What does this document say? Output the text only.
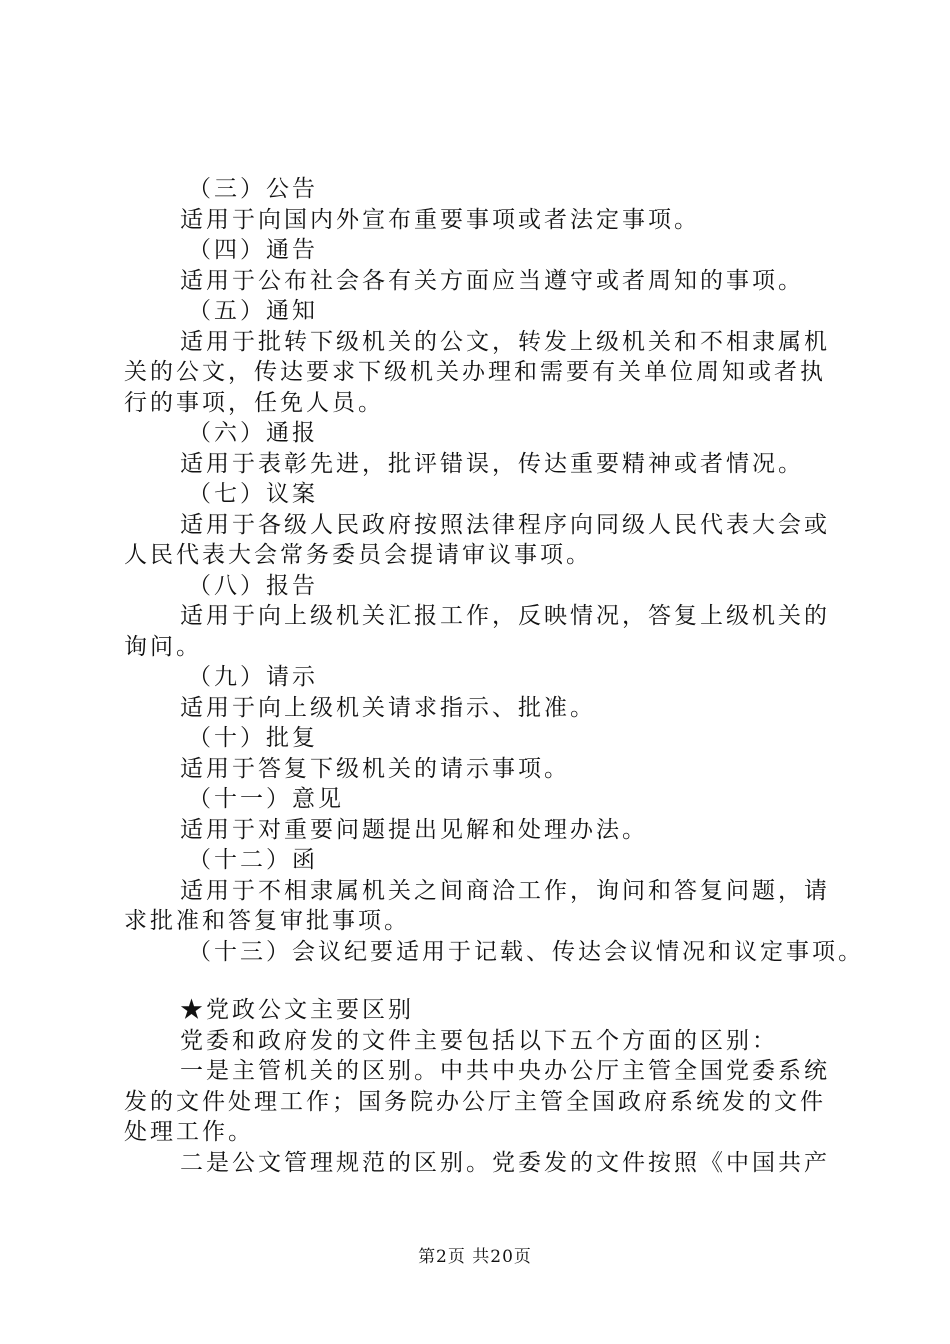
（三）公告
适用于向国内外宣布重要事项或者法定事项。
（四）通告
适用于公布社会各有关方面应当遵守或者周知的事项。
（五）通知
适用于批转下级机关的公文，转发上级机关和不相隶属机
关的公文，传达要求下级机关办理和需要有关单位周知或者执
行的事项，任免人员。
（六）通报
适用于表彰先进，批评错误，传达重要精神或者情况。
（七）议案
适用于各级人民政府按照法律程序向同级人民代表大会或
人民代表大会常务委员会提请审议事项。
（八）报告
适用于向上级机关汇报工作，反映情况，答复上级机关的
询问。
（九）请示
适用于向上级机关请求指示、批准。
（十）批复
适用于答复下级机关的请示事项。
（十一）意见
适用于对重要问题提出见解和处理办法。
（十二）函
适用于不相隶属机关之间商洽工作，询问和答复问题，请
求批准和答复审批事项。
（十三）会议纪要适用于记载、传达会议情况和议定事项。
★党政公文主要区别
党委和政府发的文件主要包括以下五个方面的区别：
一是主管机关的区别。中共中央办公厅主管全国党委系统
发的文件处理工作；国务院办公厅主管全国政府系统发的文件
处理工作。
二是公文管理规范的区别。党委发的文件按照《中国共产
第2页 共20页
